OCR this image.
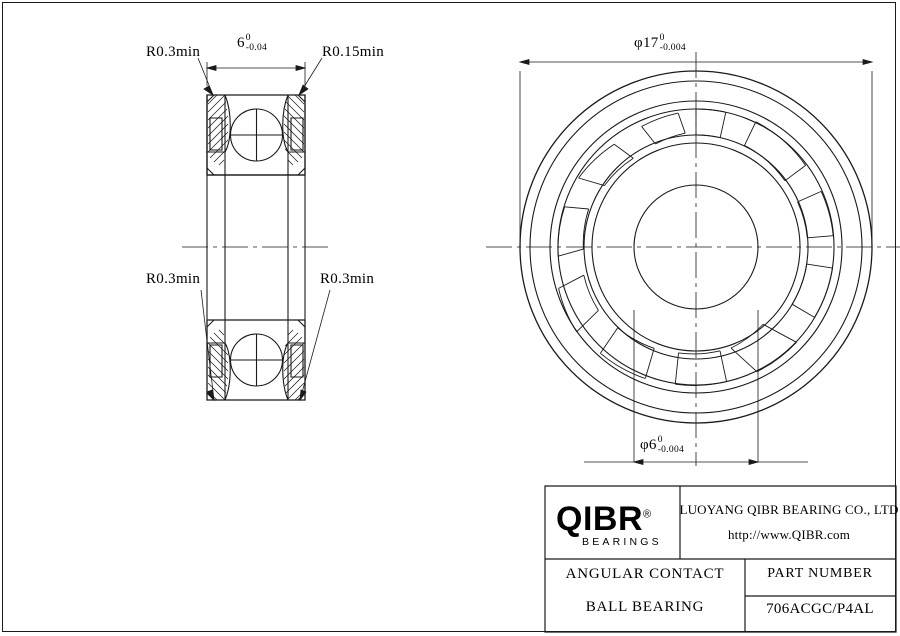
6 0
-0.04
R0.3min	R0.15min
R0.3min	R0.3min
φ17 0
-0.004
φ6 0
-0.004
QIBR®
BEARINGS
LUOYANG QIBR BEARING CO., LTD
http://www.QIBR.com
ANGULAR CONTACT
BALL BEARING
PART NUMBER
706ACGC/P4AL
